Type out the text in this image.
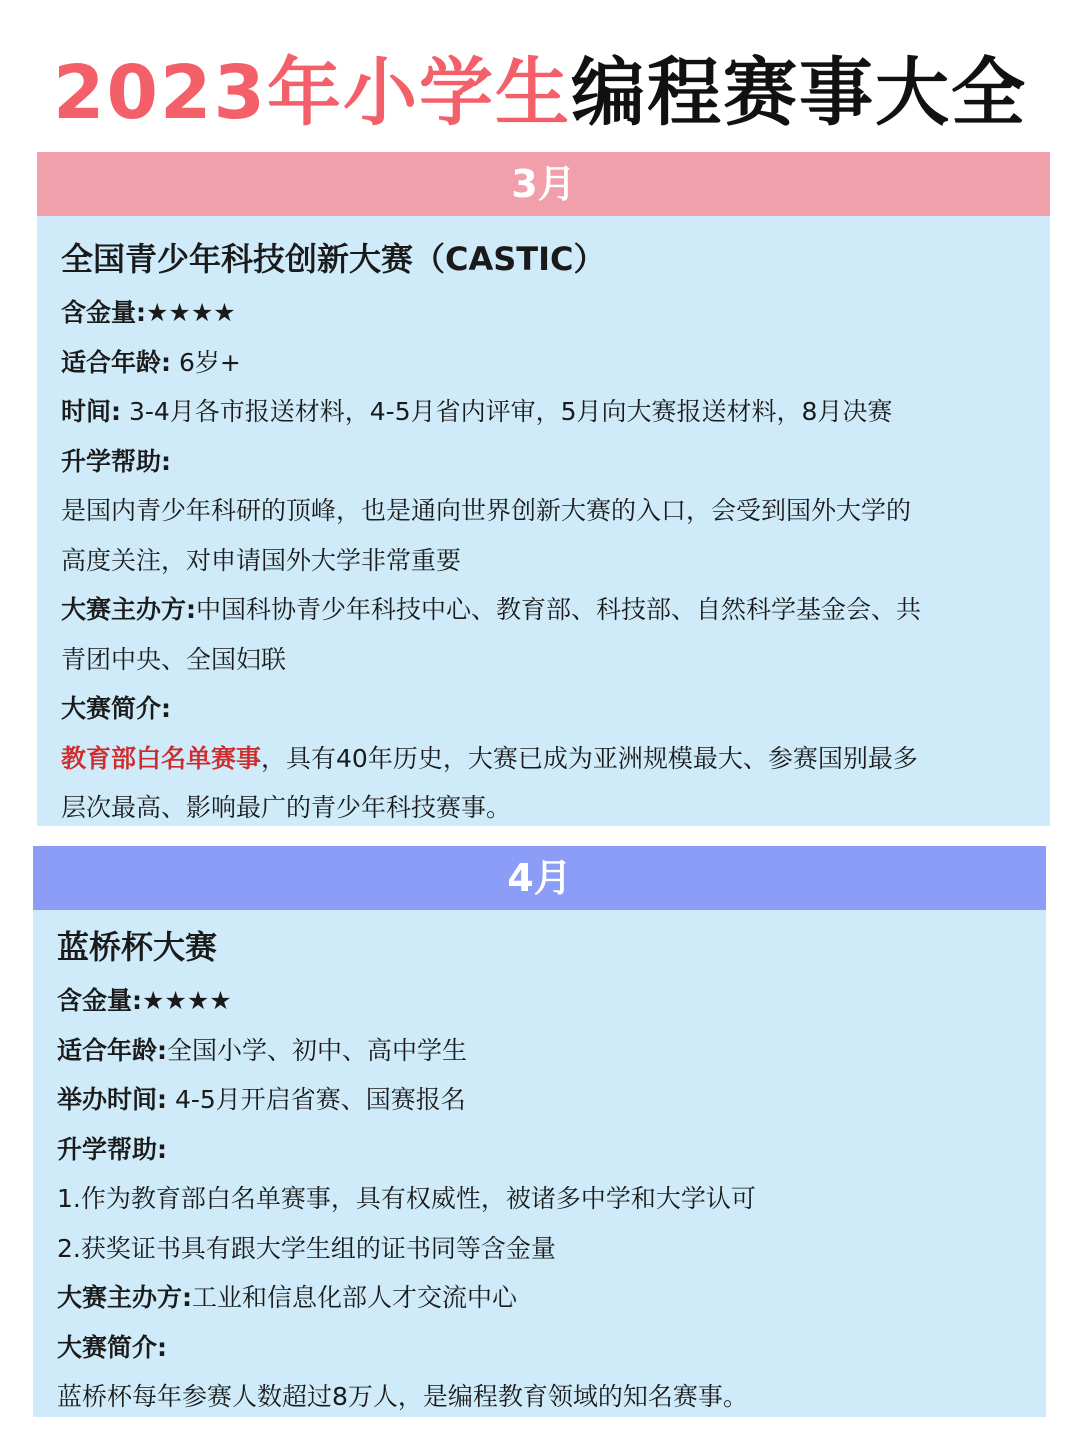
2023年小学生编程赛事大全
3月
全国青少年科技创新大赛（CASTIC）
含金量:★★★★
适合年龄: 6岁+
时间: 3-4月各市报送材料，4-5月省内评审，5月向大赛报送材料，8月决赛
升学帮助:
是国内青少年科研的顶峰，也是通向世界创新大赛的入口，会受到国外大学的
高度关注，对申请国外大学非常重要
大赛主办方:中国科协青少年科技中心、教育部、科技部、自然科学基金会、共
青团中央、全国妇联
大赛简介:
教育部白名单赛事，具有40年历史，大赛已成为亚洲规模最大、参赛国别最多
层次最高、影响最广的青少年科技赛事。
4月
蓝桥杯大赛
含金量:★★★★
适合年龄:全国小学、初中、高中学生
举办时间: 4-5月开启省赛、国赛报名
升学帮助:
1.作为教育部白名单赛事，具有权威性，被诸多中学和大学认可
2.获奖证书具有跟大学生组的证书同等含金量
大赛主办方:工业和信息化部人才交流中心
大赛简介:
蓝桥杯每年参赛人数超过8万人，是编程教育领域的知名赛事。
